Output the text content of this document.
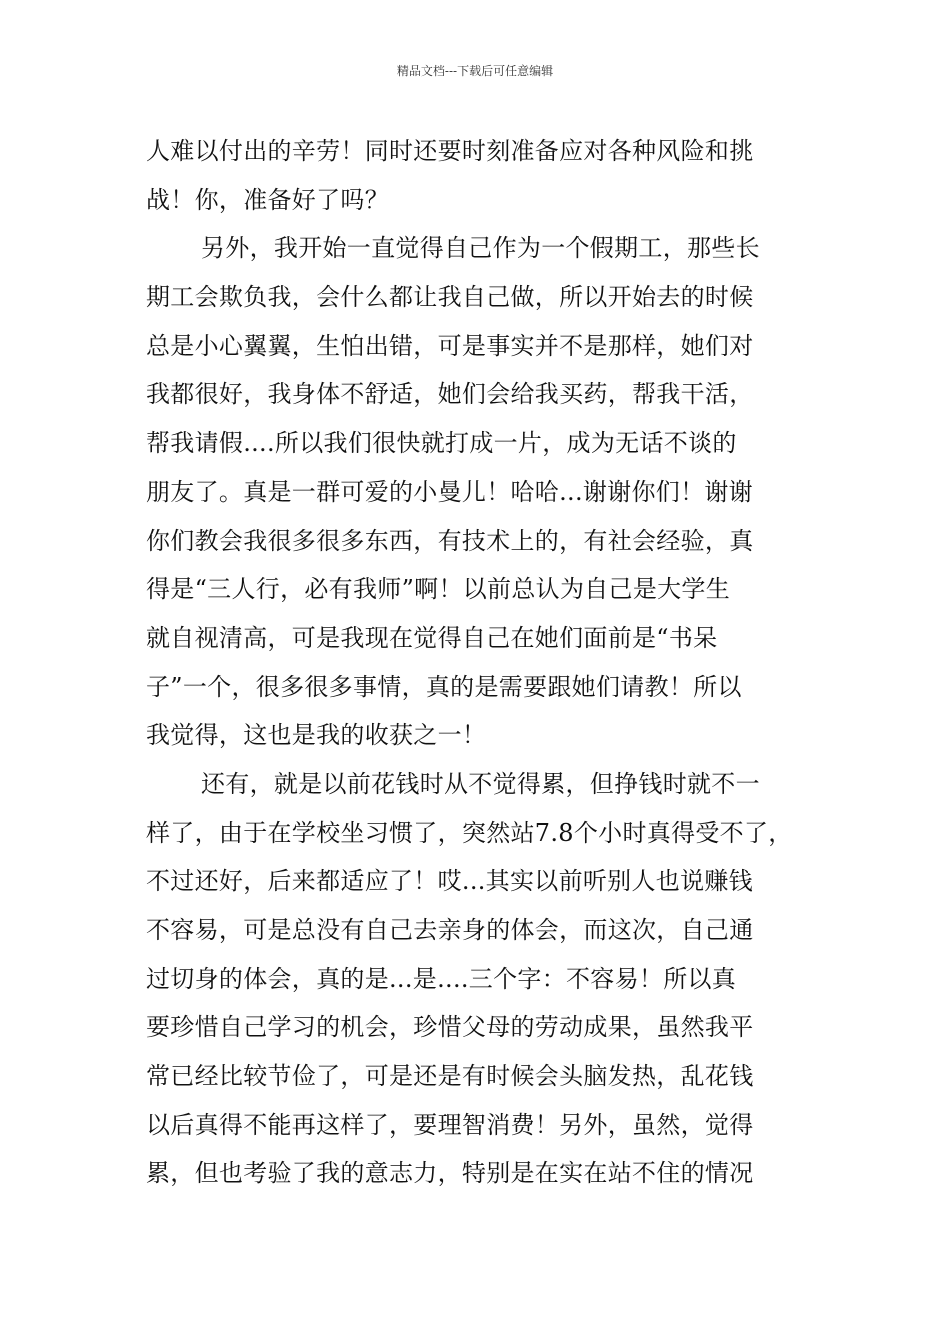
精品文档---下载后可任意编辑
人难以付出的辛劳！同时还要时刻准备应对各种风险和挑
战！你，准备好了吗？
另外，我开始一直觉得自己作为一个假期工，那些长
期工会欺负我，会什么都让我自己做，所以开始去的时候
总是小心翼翼，生怕出错，可是事实并不是那样，她们对
我都很好，我身体不舒适，她们会给我买药，帮我干活，
帮我请假....所以我们很快就打成一片，成为无话不谈的
朋友了。真是一群可爱的小曼儿！哈哈...谢谢你们！谢谢
你们教会我很多很多东西，有技术上的，有社会经验，真
得是“三人行，必有我师”啊！以前总认为自己是大学生
就自视清高，可是我现在觉得自己在她们面前是“书呆
子”一个，很多很多事情，真的是需要跟她们请教！所以
我觉得，这也是我的收获之一！
还有，就是以前花钱时从不觉得累，但挣钱时就不一
样了，由于在学校坐习惯了，突然站7.8个小时真得受不了，
不过还好，后来都适应了！哎...其实以前听别人也说赚钱
不容易，可是总没有自己去亲身的体会，而这次，自己通
过切身的体会，真的是...是....三个字：不容易！所以真
要珍惜自己学习的机会，珍惜父母的劳动成果，虽然我平
常已经比较节俭了，可是还是有时候会头脑发热，乱花钱
以后真得不能再这样了，要理智消费！另外，虽然，觉得
累，但也考验了我的意志力，特别是在实在站不住的情况
